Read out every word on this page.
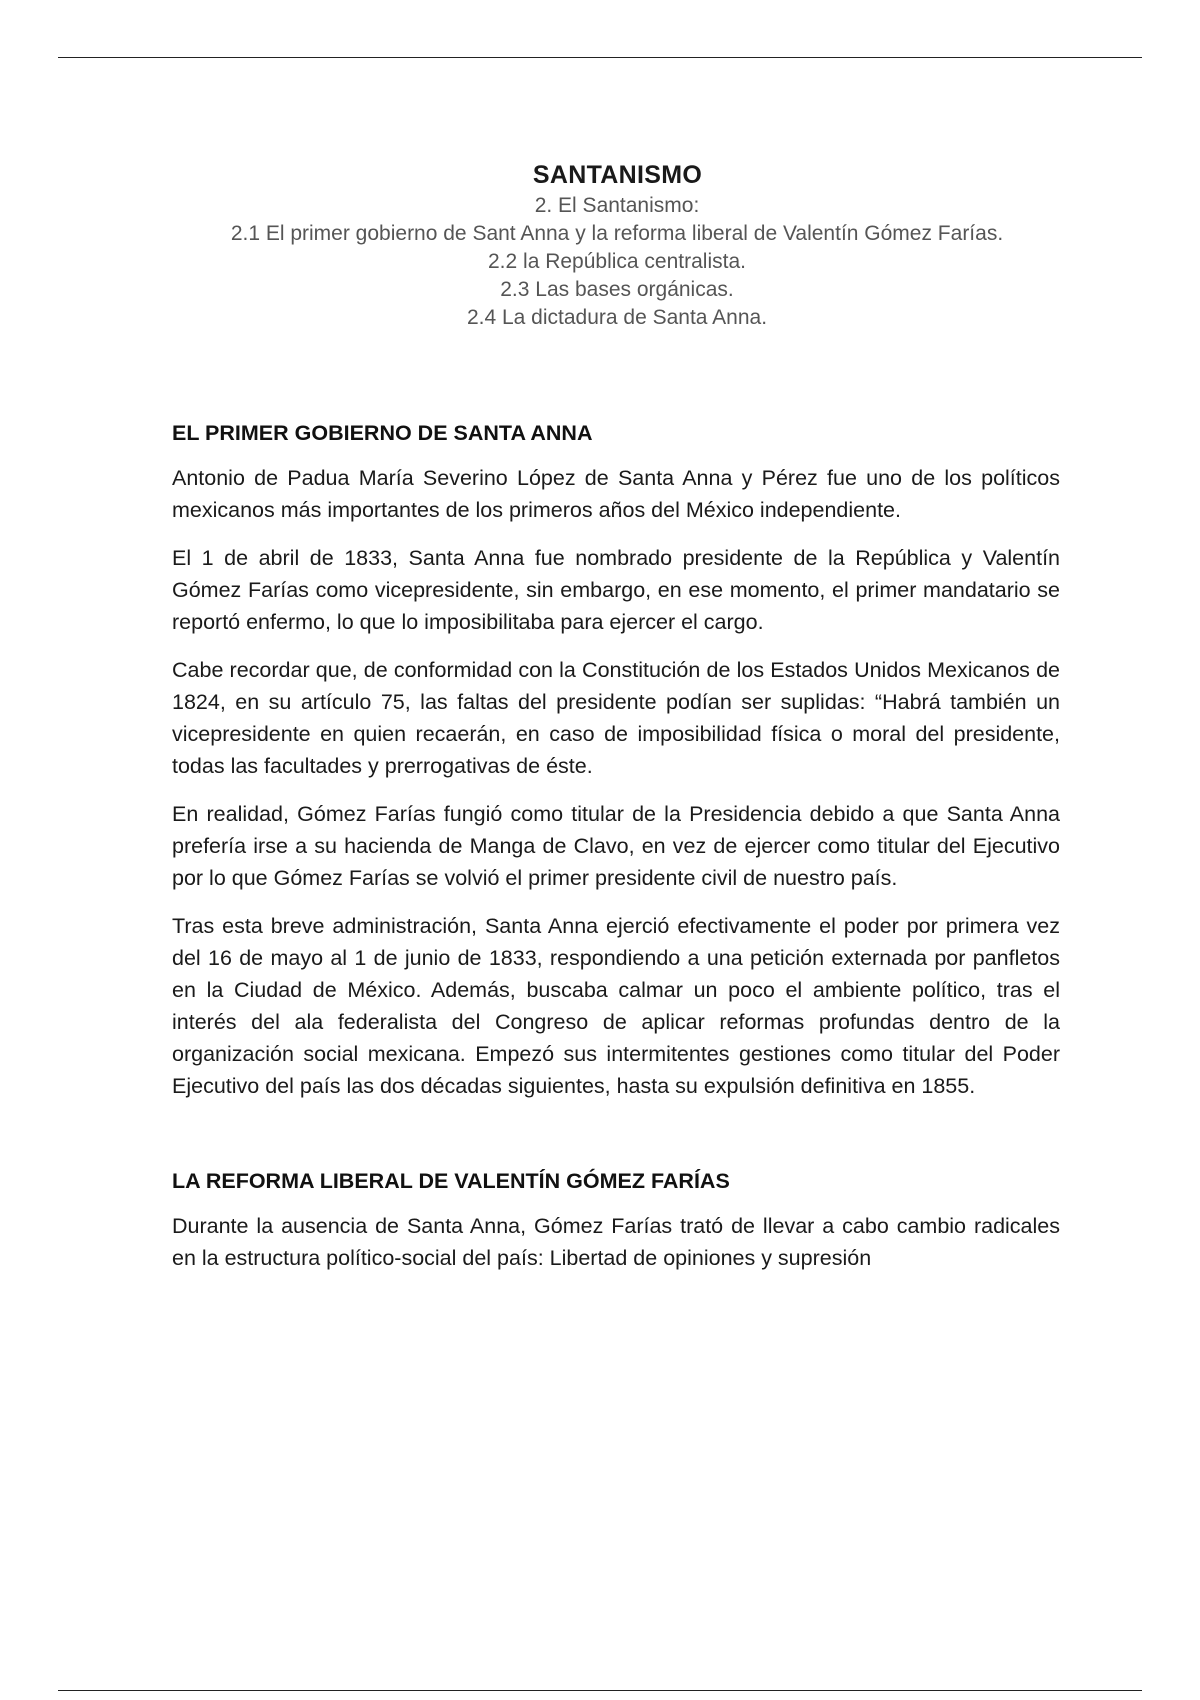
SANTANISMO
2. El Santanismo:
2.1 El primer gobierno de Sant Anna y la reforma liberal de Valentín Gómez Farías.
2.2 la República centralista.
2.3 Las bases orgánicas.
2.4 La dictadura de Santa Anna.
EL PRIMER GOBIERNO DE SANTA ANNA

Antonio de Padua María Severino López de Santa Anna y Pérez fue uno de los políticos mexicanos más importantes de los primeros años del México independiente.

El 1 de abril de 1833, Santa Anna fue nombrado presidente de la República y Valentín Gómez Farías como vicepresidente, sin embargo, en ese momento, el primer mandatario se reportó enfermo, lo que lo imposibilitaba para ejercer el cargo.

Cabe recordar que, de conformidad con la Constitución de los Estados Unidos Mexicanos de 1824, en su artículo 75, las faltas del presidente podían ser suplidas: “Habrá también un vicepresidente en quien recaerán, en caso de imposibilidad física o moral del presidente, todas las facultades y prerrogativas de éste.

En realidad, Gómez Farías fungió como titular de la Presidencia debido a que Santa Anna prefería irse a su hacienda de Manga de Clavo, en vez de ejercer como titular del Ejecutivo por lo que Gómez Farías se volvió el primer presidente civil de nuestro país.

Tras esta breve administración, Santa Anna ejerció efectivamente el poder por primera vez del 16 de mayo al 1 de junio de 1833, respondiendo a una petición externada por panfletos en la Ciudad de México. Además, buscaba calmar un poco el ambiente político, tras el interés del ala federalista del Congreso de aplicar reformas profundas dentro de la organización social mexicana. Empezó sus intermitentes gestiones como titular del Poder Ejecutivo del país las dos décadas siguientes, hasta su expulsión definitiva en 1855.

LA REFORMA LIBERAL DE VALENTÍN GÓMEZ FARÍAS

Durante la ausencia de Santa Anna, Gómez Farías trató de llevar a cabo cambio radicales en la estructura político-social del país: Libertad de opiniones y supresión
